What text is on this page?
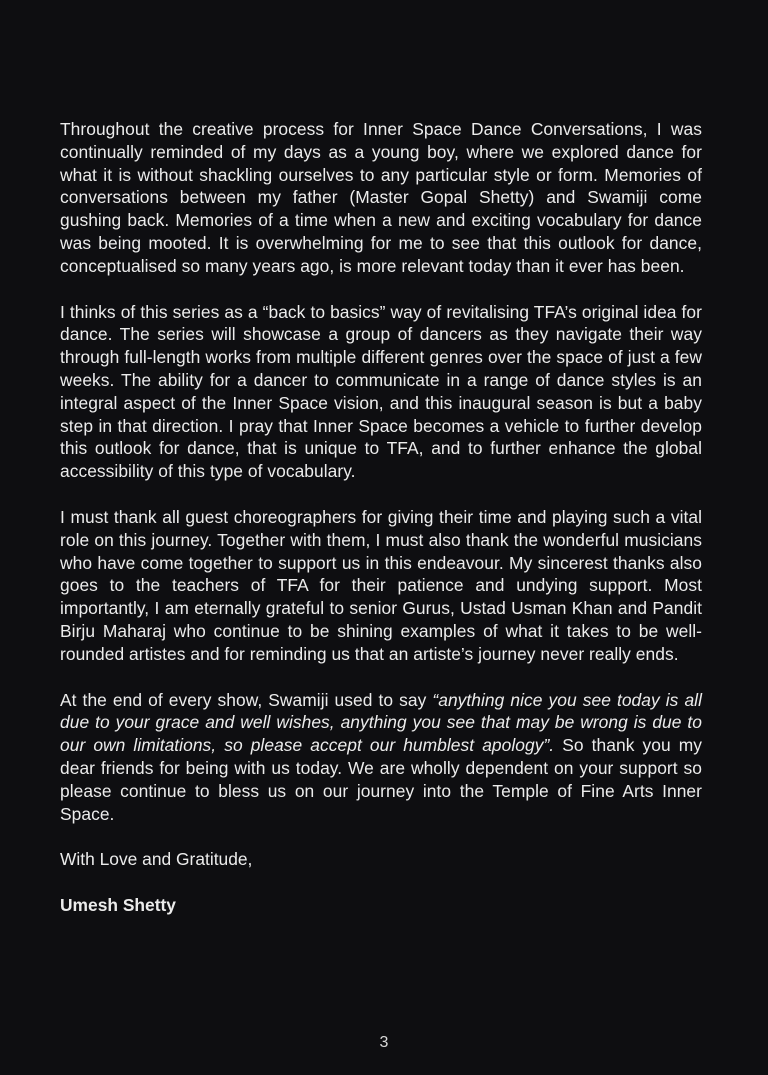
Throughout the creative process for Inner Space Dance Conversations, I was continually reminded of my days as a young boy, where we explored dance for what it is without shackling ourselves to any particular style or form. Memories of conversations between my father (Master Gopal Shetty) and Swamiji come gushing back. Memories of a time when a new and exciting vocabulary for dance was being mooted. It is overwhelming for me to see that this outlook for dance, conceptualised so many years ago, is more relevant today than it ever has been.

I thinks of this series as a “back to basics” way of revitalising TFA’s original idea for dance. The series will showcase a group of dancers as they navigate their way through full-length works from multiple different genres over the space of just a few weeks. The ability for a dancer to communicate in a range of dance styles is an integral aspect of the Inner Space vision, and this inaugural season is but a baby step in that direction. I pray that Inner Space becomes a vehicle to further develop this outlook for dance, that is unique to TFA, and to further enhance the global accessibility of this type of vocabulary.

I must thank all guest choreographers for giving their time and playing such a vital role on this journey. Together with them, I must also thank the wonderful musicians who have come together to support us in this endeavour. My sincerest thanks also goes to the teachers of TFA for their patience and undying support. Most importantly, I am eternally grateful to senior Gurus, Ustad Usman Khan and Pandit Birju Maharaj who continue to be shining examples of what it takes to be well-rounded artistes and for reminding us that an artiste’s journey never really ends.

At the end of every show, Swamiji used to say “anything nice you see today is all due to your grace and well wishes, anything you see that may be wrong is due to our own limitations, so please accept our humblest apology”. So thank you my dear friends for being with us today. We are wholly dependent on your support so please continue to bless us on our journey into the Temple of Fine Arts Inner Space.

With Love and Gratitude,

Umesh Shetty

3
